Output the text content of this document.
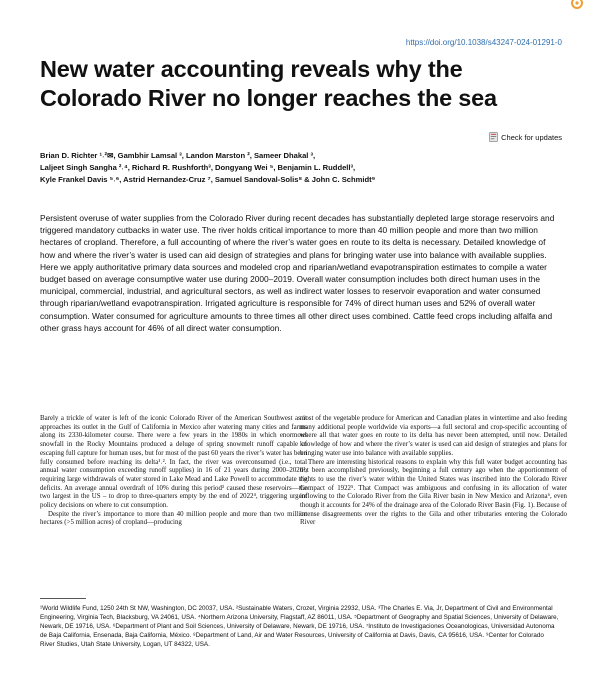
https://doi.org/10.1038/s43247-024-01291-0
New water accounting reveals why the Colorado River no longer reaches the sea
Check for updates
Brian D. Richter ¹˒²✉, Gambhir Lamsal ³, Landon Marston ², Sameer Dhakal ³,
Laljeet Singh Sangha ²˒⁴, Richard R. Rushforth³, Dongyang Wei ⁵, Benjamin L. Ruddell³,
Kyle Frankel Davis ⁵˒⁶, Astrid Hernandez-Cruz ⁷, Samuel Sandoval-Solis⁸ & John C. Schmidt⁹

Persistent overuse of water supplies from the Colorado River during recent decades has substantially depleted large storage reservoirs and triggered mandatory cutbacks in water use. The river holds critical importance to more than 40 million people and more than two million hectares of cropland. Therefore, a full accounting of where the river’s water goes en route to its delta is necessary. Detailed knowledge of how and where the river’s water is used can aid design of strategies and plans for bringing water use into balance with available supplies. Here we apply authoritative primary data sources and modeled crop and riparian/wetland evapotranspiration estimates to compile a water budget based on average consumptive water use during 2000–2019. Overall water consumption includes both direct human uses in the municipal, commercial, industrial, and agricultural sectors, as well as indirect water losses to reservoir evaporation and water consumed through riparian/wetland evapotranspiration. Irrigated agriculture is responsible for 74% of direct human uses and 52% of overall water consumption. Water consumed for agriculture amounts to three times all other direct uses combined. Cattle feed crops including alfalfa and other grass hays account for 46% of all direct water consumption.

Barely a trickle of water is left of the iconic Colorado River of the American Southwest as it approaches its outlet in the Gulf of California in Mexico after watering many cities and farms along its 2330-kilometer course. There were a few years in the 1980s in which enormous snowfall in the Rocky Mountains produced a deluge of spring snowmelt runoff capable of escaping full capture for human uses, but for most of the past 60 years the river’s water has been fully consumed before reaching its delta¹˒². In fact, the river was overconsumed (i.e., total annual water consumption exceeding runoff supplies) in 16 of 21 years during 2000–2020³, requiring large withdrawals of water stored in Lake Mead and Lake Powell to accommodate the deficits. An average annual overdraft of 10% during this period³ caused these reservoirs—the two largest in the US – to drop to three-quarters empty by the end of 2022⁴, triggering urgent policy decisions on where to cut consumption.

Despite the river’s importance to more than 40 million people and more than two million hectares (>5 million acres) of cropland—producing

most of the vegetable produce for American and Canadian plates in wintertime and also feeding many additional people worldwide via exports—a full sectoral and crop-specific accounting of where all that water goes en route to its delta has never been attempted, until now. Detailed knowledge of how and where the river’s water is used can aid design of strategies and plans for bringing water use into balance with available supplies.

There are interesting historical reasons to explain why this full water budget accounting has not been accomplished previously, beginning a full century ago when the apportionment of rights to use the river’s water within the United States was inscribed into the Colorado River Compact of 1922⁵. That Compact was ambiguous and confusing in its allocation of water inflowing to the Colorado River from the Gila River basin in New Mexico and Arizona⁶, even though it accounts for 24% of the drainage area of the Colorado River Basin (Fig. 1). Because of intense disagreements over the rights to the Gila and other tributaries entering the Colorado River

¹World Wildlife Fund, 1250 24th St NW, Washington, DC 20037, USA. ²Sustainable Waters, Crozet, Virginia 22932, USA. ³The Charles E. Via, Jr, Department of Civil and Environmental Engineering, Virginia Tech, Blacksburg, VA 24061, USA. ⁴Northern Arizona University, Flagstaff, AZ 86011, USA. ⁵Department of Geography and Spatial Sciences, University of Delaware, Newark, DE 19716, USA. ⁶Department of Plant and Soil Sciences, University of Delaware, Newark, DE 19716, USA. ⁷Instituto de Investigaciones Oceanologicas, Universidad Autonoma de Baja California, Ensenada, Baja California, México. ⁸Department of Land, Air and Water Resources, University of California at Davis, Davis, CA 95616, USA. ⁹Center for Colorado River Studies, Utah State University, Logan, UT 84322, USA.
